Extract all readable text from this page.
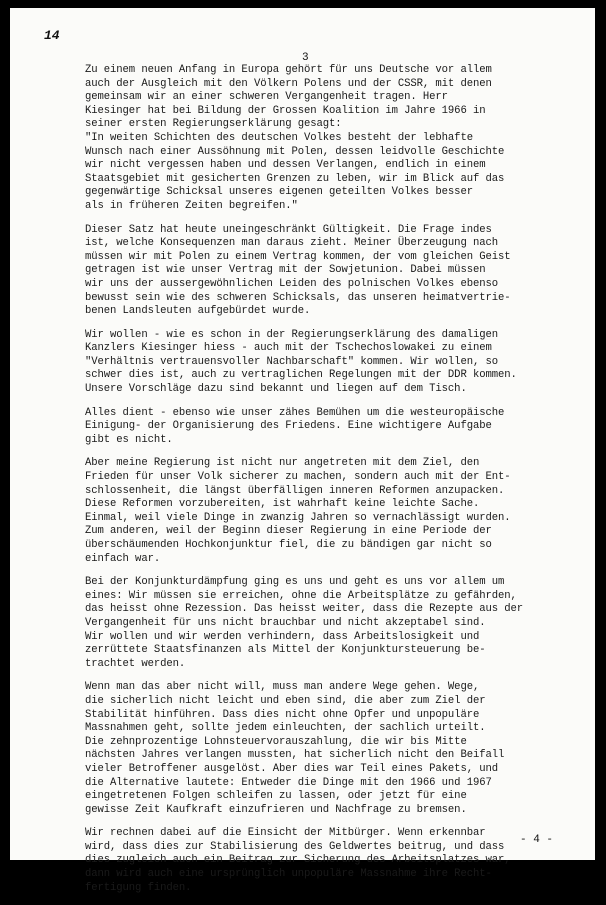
14
3
Zu einem neuen Anfang in Europa gehört für uns Deutsche vor allem
auch der Ausgleich mit den Völkern Polens und der CSSR, mit denen
gemeinsam wir an einer schweren Vergangenheit tragen. Herr
Kiesinger hat bei Bildung der Grossen Koalition im Jahre 1966 in
seiner ersten Regierungserklärung gesagt:
"In weiten Schichten des deutschen Volkes besteht der lebhafte
Wunsch nach einer Aussöhnung mit Polen, dessen leidvolle Geschichte
wir nicht vergessen haben und dessen Verlangen, endlich in einem
Staatsgebiet mit gesicherten Grenzen zu leben, wir im Blick auf das
gegenwärtige Schicksal unseres eigenen geteilten Volkes besser
als in früheren Zeiten begreifen."
Dieser Satz hat heute uneingeschränkt Gültigkeit. Die Frage indes
ist, welche Konsequenzen man daraus zieht. Meiner Überzeugung nach
müssen wir mit Polen zu einem Vertrag kommen, der vom gleichen Geist
getragen ist wie unser Vertrag mit der Sowjetunion. Dabei müssen
wir uns der aussergewöhnlichen Leiden des polnischen Volkes ebenso
bewusst sein wie des schweren Schicksals, das unseren heimatvertrie-
benen Landsleuten aufgebürdet wurde.
Wir wollen - wie es schon in der Regierungserklärung des damaligen
Kanzlers Kiesinger hiess - auch mit der Tschechoslowakei zu einem
"Verhältnis vertrauensvoller Nachbarschaft" kommen. Wir wollen, so
schwer dies ist, auch zu vertraglichen Regelungen mit der DDR kommen.
Unsere Vorschläge dazu sind bekannt und liegen auf dem Tisch.
Alles dient - ebenso wie unser zähes Bemühen um die westeuropäische
Einigung- der Organisierung des Friedens. Eine wichtigere Aufgabe
gibt es nicht.
Aber meine Regierung ist nicht nur angetreten mit dem Ziel, den
Frieden für unser Volk sicherer zu machen, sondern auch mit der Ent-
schlossenheit, die längst überfälligen inneren Reformen anzupacken.
Diese Reformen vorzubereiten, ist wahrhaft keine leichte Sache.
Einmal, weil viele Dinge in zwanzig Jahren so vernachlässigt wurden.
Zum anderen, weil der Beginn dieser Regierung in eine Periode der
überschäumenden Hochkonjunktur fiel, die zu bändigen gar nicht so
einfach war.
Bei der Konjunkturdämpfung ging es uns und geht es uns vor allem um
eines: Wir müssen sie erreichen, ohne die Arbeitsplätze zu gefährden,
das heisst ohne Rezession. Das heisst weiter, dass die Rezepte aus der
Vergangenheit für uns nicht brauchbar und nicht akzeptabel sind.
Wir wollen und wir werden verhindern, dass Arbeitslosigkeit und
zerrüttete Staatsfinanzen als Mittel der Konjunktursteuerung be-
trachtet werden.
Wenn man das aber nicht will, muss man andere Wege gehen. Wege,
die sicherlich nicht leicht und eben sind, die aber zum Ziel der
Stabilität hinführen. Dass dies nicht ohne Opfer und unpopuläre
Massnahmen geht, sollte jedem einleuchten, der sachlich urteilt.
Die zehnprozentige Lohnsteuervorauszahlung, die wir bis Mitte
nächsten Jahres verlangen mussten, hat sicherlich nicht den Beifall
vieler Betroffener ausgelöst. Aber dies war Teil eines Pakets, und
die Alternative lautete: Entweder die Dinge mit den 1966 und 1967
eingetretenen Folgen schleifen zu lassen, oder jetzt für eine
gewisse Zeit Kaufkraft einzufrieren und Nachfrage zu bremsen.
Wir rechnen dabei auf die Einsicht der Mitbürger. Wenn erkennbar
wird, dass dies zur Stabilisierung des Geldwertes beitrug, und dass
dies zugleich auch ein Beitrag zur Sicherung des Arbeitsplatzes war,
dann wird auch eine ursprünglich unpopuläre Massnahme ihre Recht-
fertigung finden.
- 4 -
